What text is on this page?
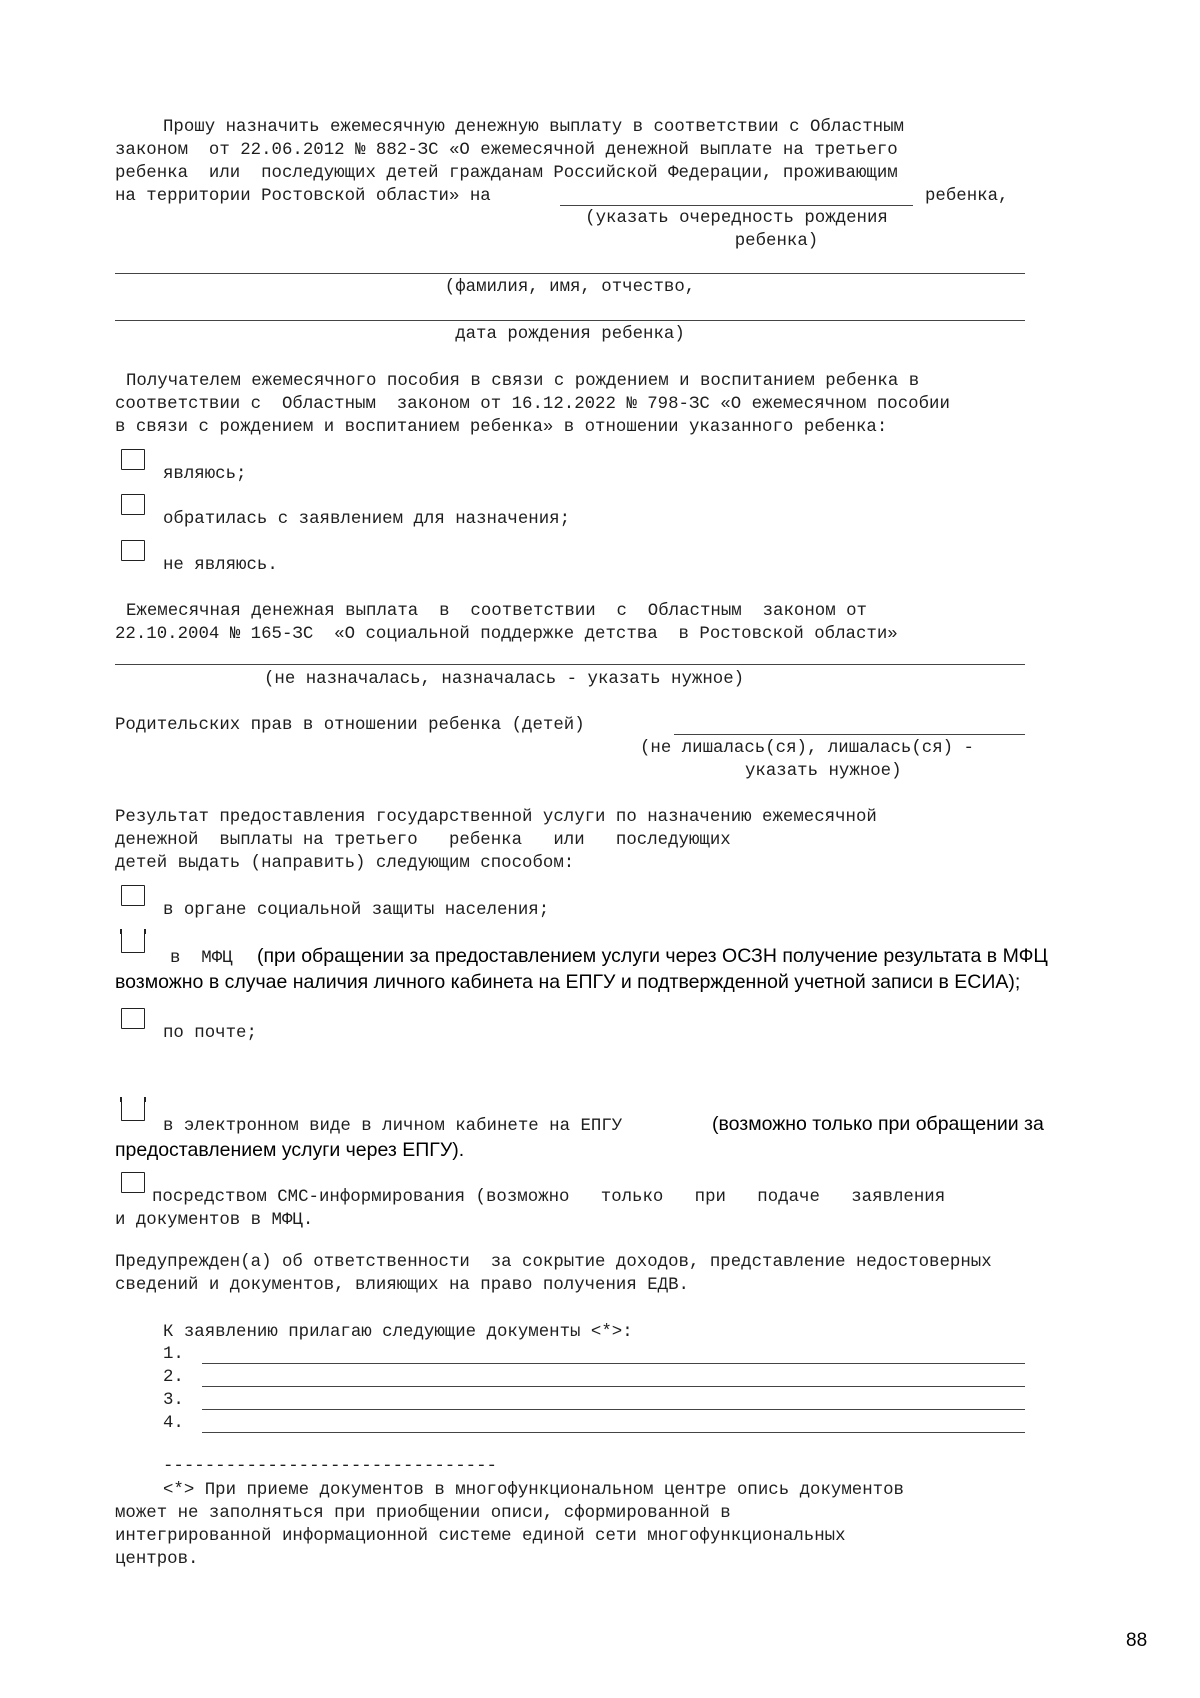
Прошу назначить ежемесячную денежную выплату в соответствии с Областным
законом  от 22.06.2012 № 882-ЗС «О ежемесячной денежной выплате на третьего
ребенка  или  последующих детей гражданам Российской Федерации, проживающим
на территории Ростовской области» на	ребенка,
(указать очередность рождения
ребенка)
(фамилия, имя, отчество,
дата рождения ребенка)
Получателем ежемесячного пособия в связи с рождением и воспитанием ребенка в
соответствии с  Областным  законом от 16.12.2022 № 798-ЗС «О ежемесячном пособии
в связи с рождением и воспитанием ребенка» в отношении указанного ребенка:
являюсь;
обратилась с заявлением для назначения;
не являюсь.
Ежемесячная денежная выплата  в  соответствии  с  Областным  законом от
22.10.2004 № 165-ЗС  «О социальной поддержке детства  в Ростовской области»
(не назначалась, назначалась - указать нужное)
Родительских прав в отношении ребенка (детей)
(не лишалась(ся), лишалась(ся) -
указать нужное)
Результат предоставления государственной услуги по назначению ежемесячной
денежной  выплаты на третьего   ребенка   или   последующих
детей выдать (направить) следующим способом:
в органе социальной защиты населения;
в  МФЦ (при обращении за предоставлением услуги через ОСЗН получение результата в МФЦ
возможно в случае наличия личного кабинета на ЕПГУ и подтвержденной учетной записи в ЕСИА);
по почте;
в электронном виде в личном кабинете на ЕПГУ	(возможно только при обращении за
предоставлением услуги через ЕПГУ).
посредством СМС-информирования (возможно   только   при   подаче   заявления
и документов в МФЦ.
Предупрежден(а) об ответственности  за сокрытие доходов, представление недостоверных
сведений и документов, влияющих на право получения ЕДВ.
К заявлению прилагаю следующие документы <*>:
1.
2.
3.
4.
--------------------------------
<*> При приеме документов в многофункциональном центре опись документов
может не заполняться при приобщении описи, сформированной в
интегрированной информационной системе единой сети многофункциональных
центров.
88
